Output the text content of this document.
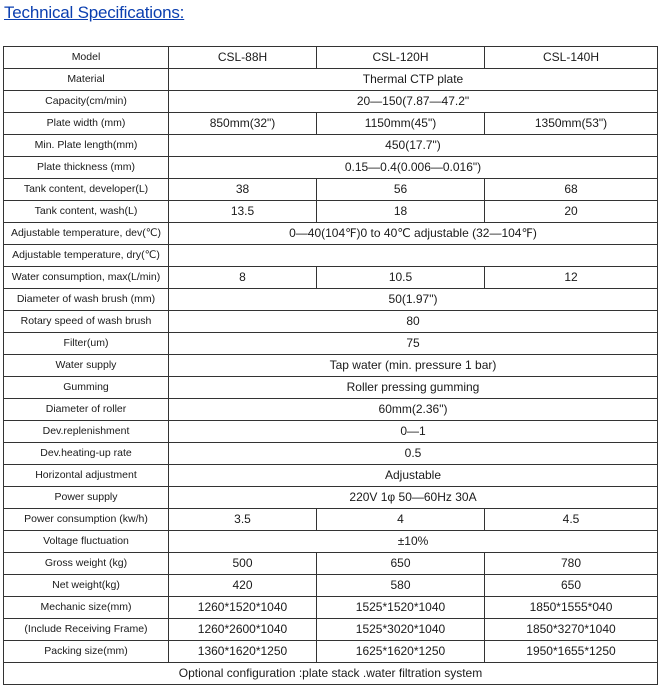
Technical Specifications:
Model	CSL-88H	CSL-120H	CSL-140H
Material	Thermal CTP plate		
Capacity(cm/min)	20—150(7.87—47.2"		
Plate width (mm)	850mm(32")	1150mm(45")	1350mm(53")
Min. Plate length(mm)	450(17.7")		
Plate thickness (mm)	0.15—0.4(0.006—0.016")		
Tank content, developer(L)	38	56	68
Tank content, wash(L)	13.5	18	20
Adjustable temperature, dev(℃)	0—40(104℉)0 to 40℃ adjustable (32—104℉)		
Adjustable temperature, dry(℃)			
Water consumption, max(L/min)	8	10.5	12
Diameter of wash brush (mm)	50(1.97")		
Rotary speed of wash brush	80		
Filter(um)	75		
Water supply	Tap water (min. pressure 1 bar)		
Gumming	Roller pressing gumming		
Diameter of roller	60mm(2.36")		
Dev.replenishment	0—1		
Dev.heating-up rate	0.5		
Horizontal adjustment	Adjustable		
Power supply	220V 1φ 50—60Hz 30A		
Power consumption (kw/h)	3.5	4	4.5
Voltage fluctuation	±10%		
Gross weight (kg)	500	650	780
Net weight(kg)	420	580	650
Mechanic size(mm)	1260*1520*1040	1525*1520*1040	1850*1555*040
(Include Receiving Frame)	1260*2600*1040	1525*3020*1040	1850*3270*1040
Packing size(mm)	1360*1620*1250	1625*1620*1250	1950*1655*1250
Optional configuration :plate stack .water filtration system			
